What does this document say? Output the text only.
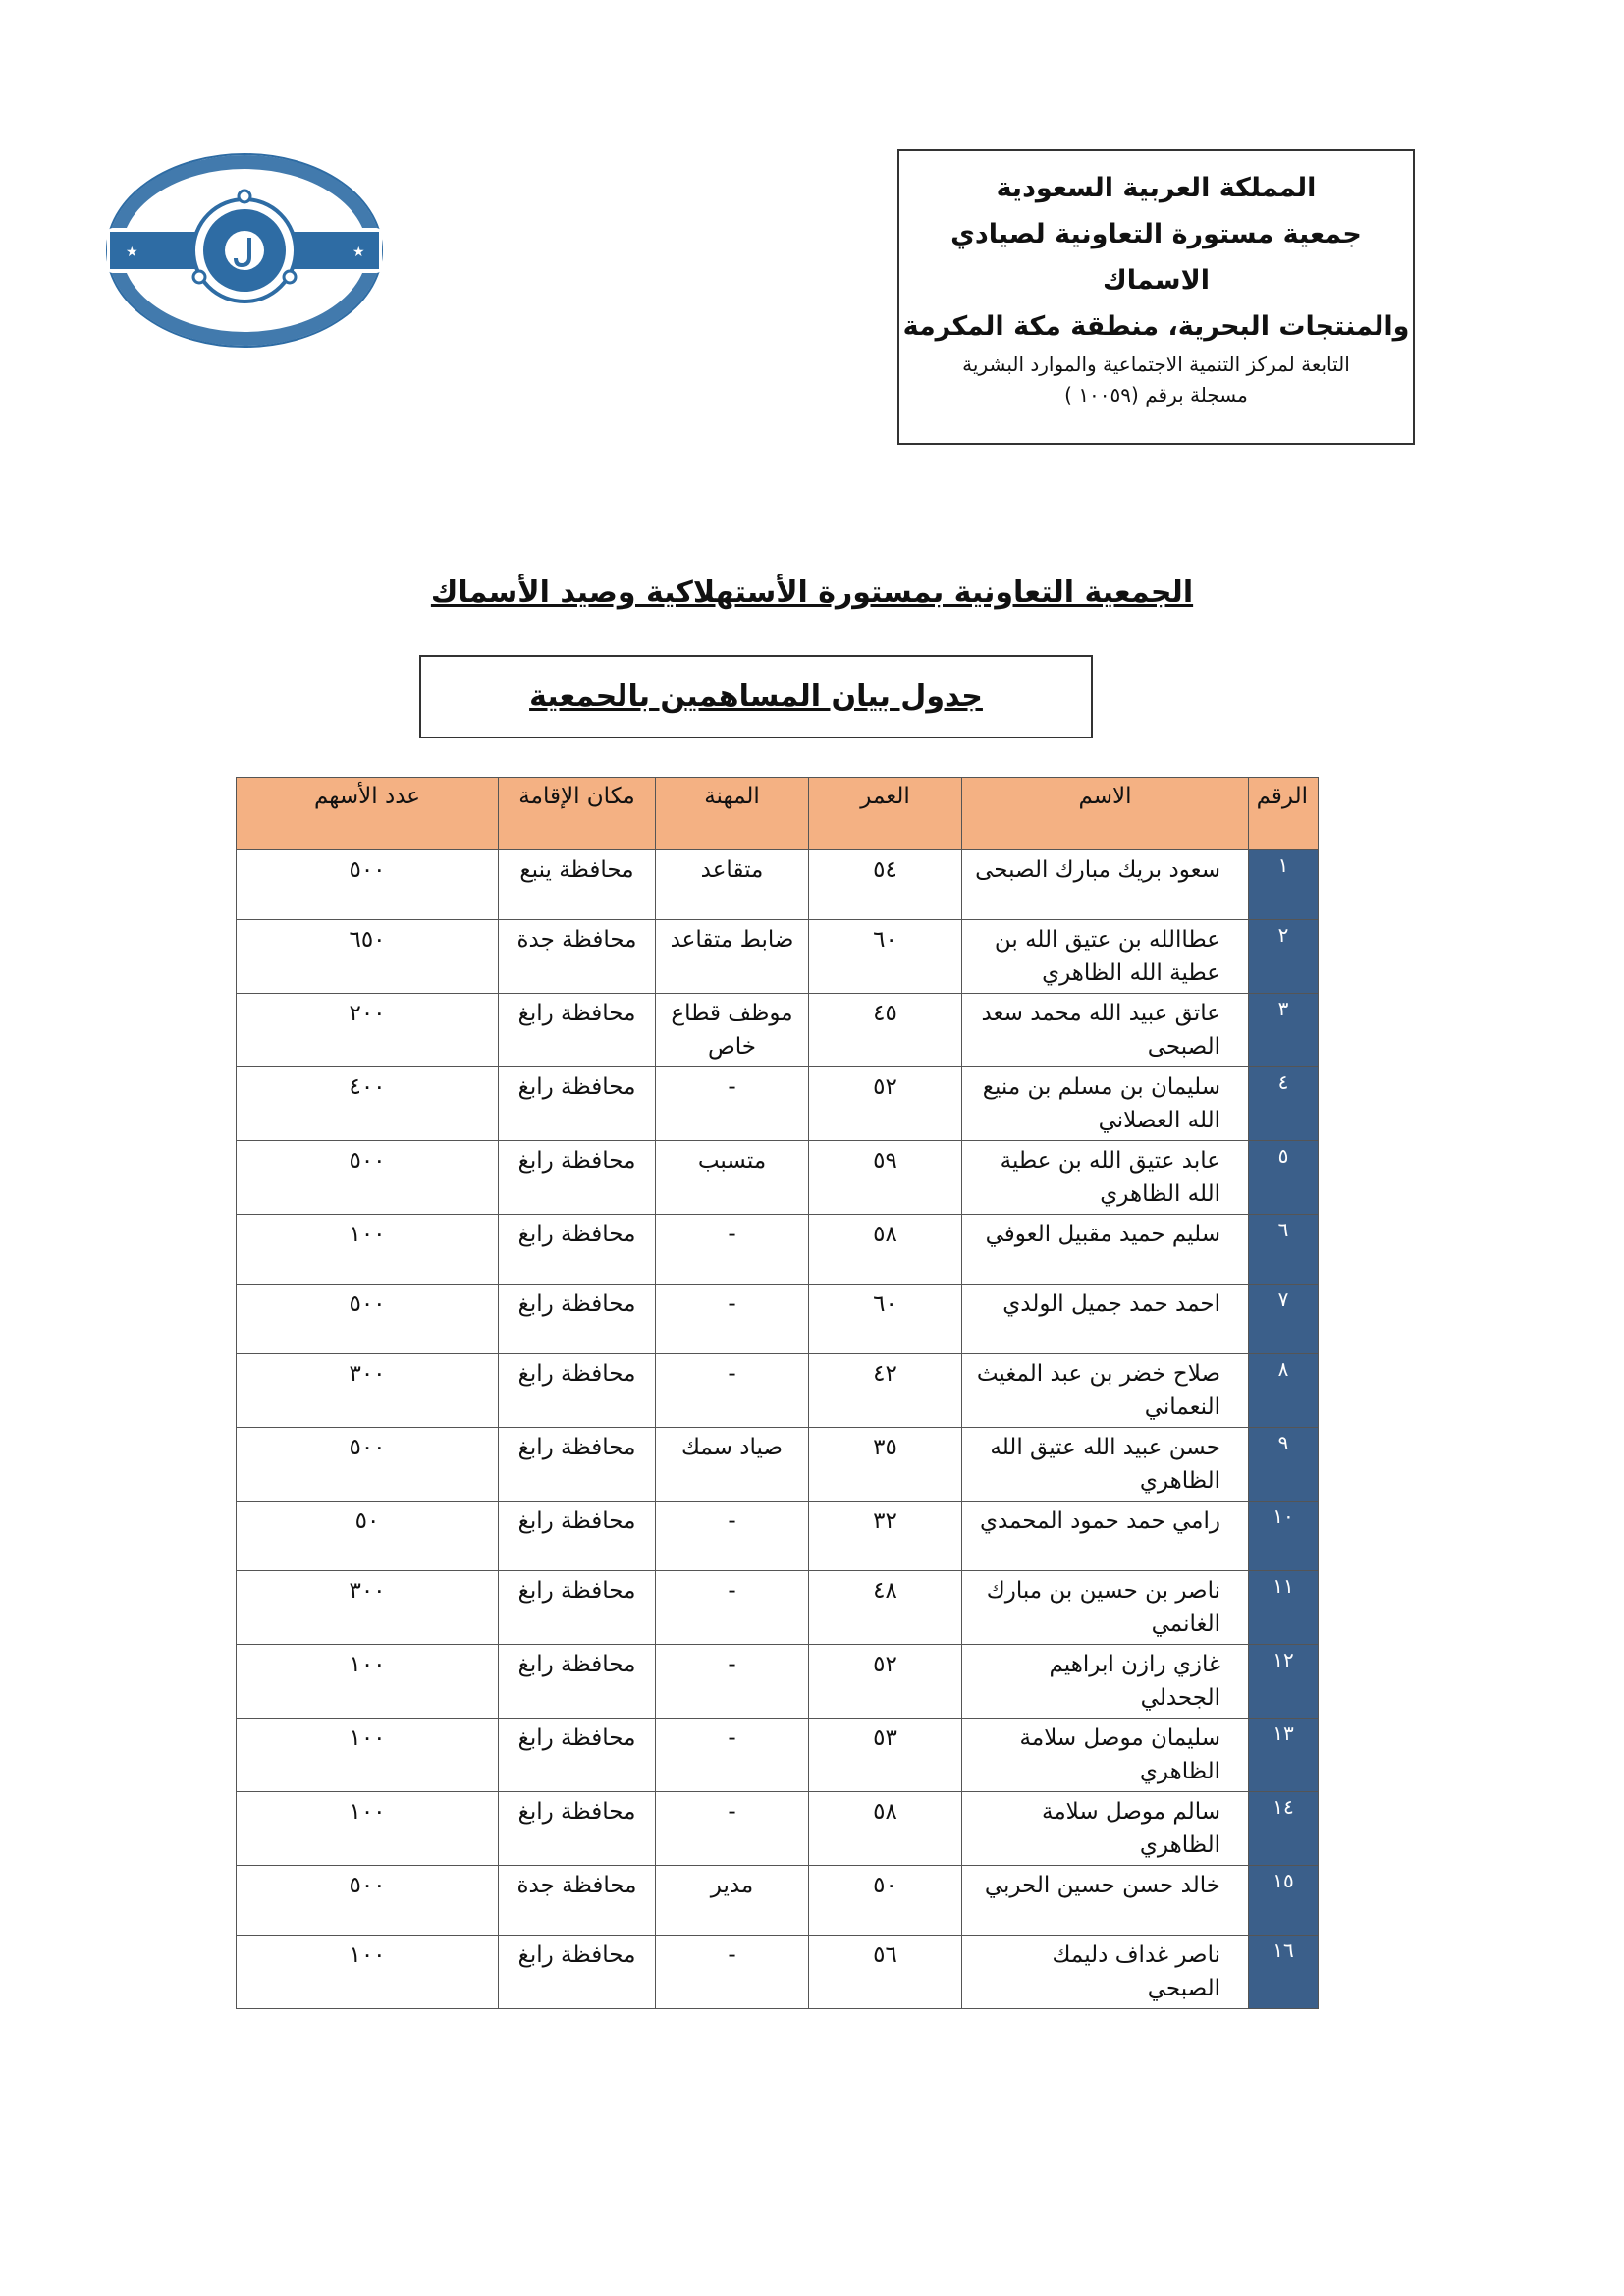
★	★
المملكة العربية السعودية
جمعية مستورة التعاونية لصيادي الاسماك
والمنتجات البحرية، منطقة مكة المكرمة
التابعة لمركز التنمية الاجتماعية والموارد البشرية
مسجلة برقم (١٠٠٥٩ )
الجمعية التعاونية بمستورة الأستهلاكية وصيد الأسماك
جدول بيان المساهمين بالحمعية
الرقم	الاسم	العمر	المهنة	مكان الإقامة	عدد الأسهم
١	سعود بريك مبارك الصبحى	٥٤	متقاعد	محافظة ينبع	٥٠٠
٢	عطاالله بن عتيق الله بن عطية الله الظاهري	٦٠	ضابط متقاعد	محافظة جدة	٦٥٠
٣	عاتق عبيد الله محمد سعد الصبحى	٤٥	موظف قطاع خاص	محافظة رابغ	٢٠٠
٤	سليمان بن مسلم بن منيع الله العصلاني	٥٢	-	محافظة رابغ	٤٠٠
٥	عابد عتيق الله بن عطية الله الظاهري	٥٩	متسبب	محافظة رابغ	٥٠٠
٦	سليم حميد مقبيل العوفي	٥٨	-	محافظة رابغ	١٠٠
٧	احمد حمد جميل الولدي	٦٠	-	محافظة رابغ	٥٠٠
٨	صلاح خضر بن عبد المغيث النعماني	٤٢	-	محافظة رابغ	٣٠٠
٩	حسن عبيد الله عتيق الله الظاهري	٣٥	صياد سمك	محافظة رابغ	٥٠٠
١٠	رامي حمد حمود المحمدي	٣٢	-	محافظة رابغ	٥٠
١١	ناصر بن حسين بن مبارك الغانمي	٤٨	-	محافظة رابغ	٣٠٠
١٢	غازي رازن ابراهيم الجحدلي	٥٢	-	محافظة رابغ	١٠٠
١٣	سليمان موصل سلامة الظاهري	٥٣	-	محافظة رابغ	١٠٠
١٤	سالم موصل سلامة الظاهري	٥٨	-	محافظة رابغ	١٠٠
١٥	خالد حسن حسين الحربي	٥٠	مدير	محافظة جدة	٥٠٠
١٦	ناصر غداف دليمك الصبحي	٥٦	-	محافظة رابغ	١٠٠
